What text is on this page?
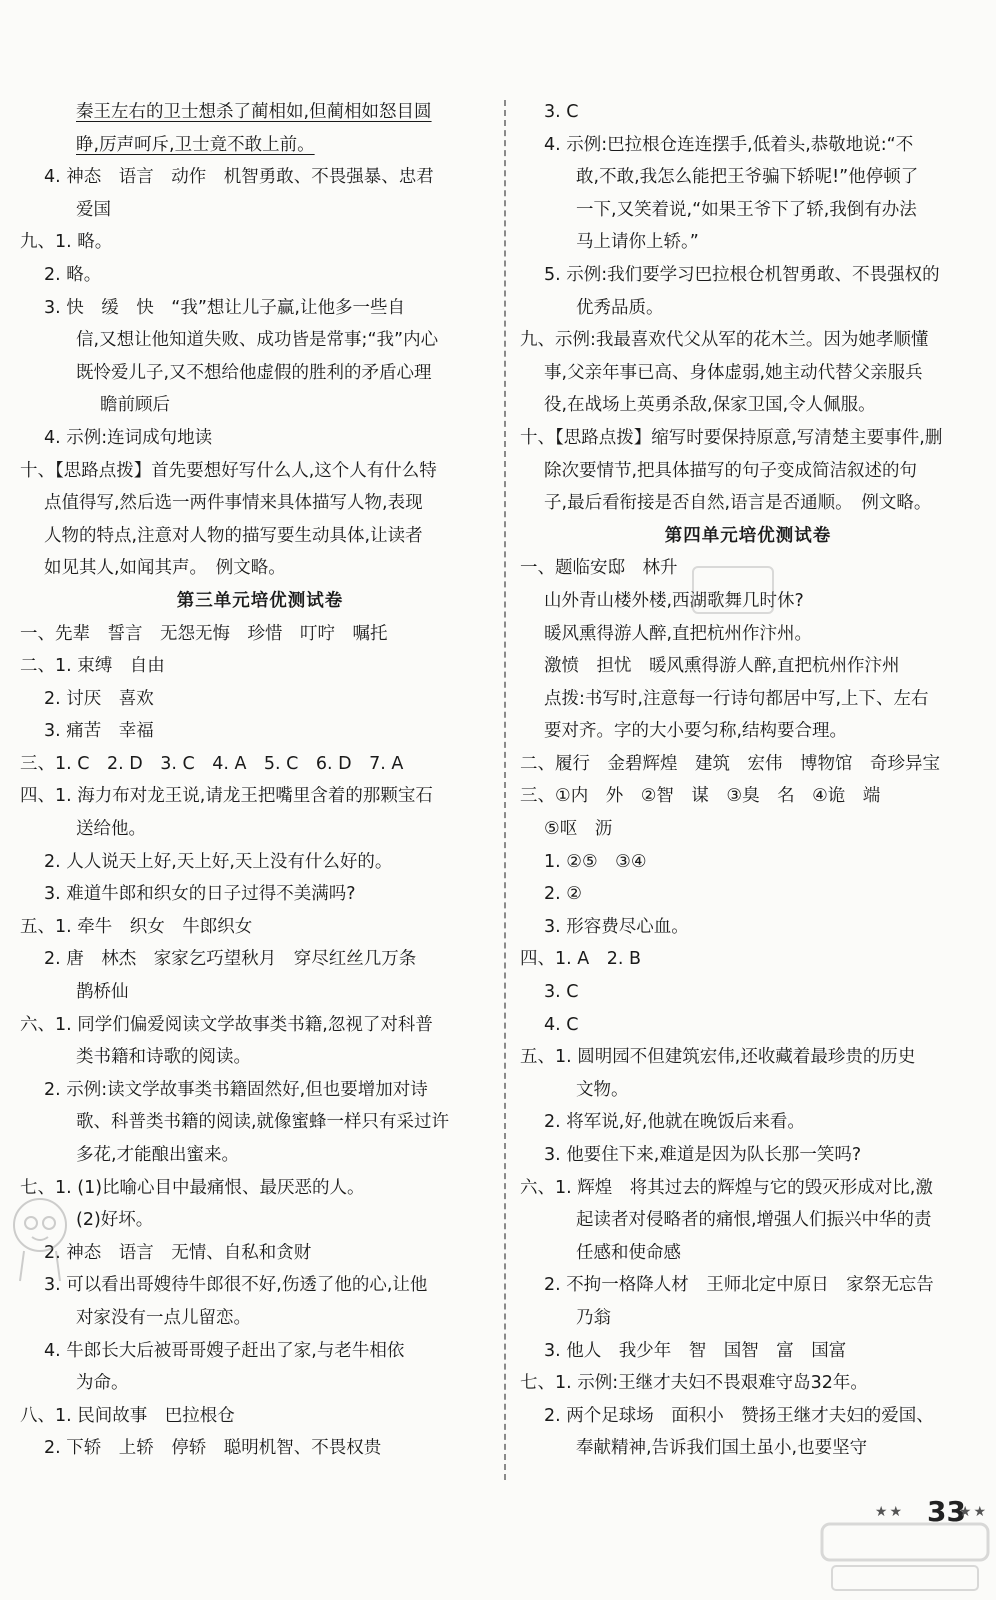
秦王左右的卫士想杀了蔺相如,但蔺相如怒目圆
睁,厉声呵斥,卫士竟不敢上前。
4. 神态　语言　动作　机智勇敢、不畏强暴、忠君
爱国
九、1. 略。
2. 略。
3. 快　缓　快　“我”想让儿子赢,让他多一些自
信,又想让他知道失败、成功皆是常事;“我”内心
既怜爱儿子,又不想给他虚假的胜利的矛盾心理
瞻前顾后
4. 示例:连词成句地读
十、【思路点拨】首先要想好写什么人,这个人有什么特
点值得写,然后选一两件事情来具体描写人物,表现
人物的特点,注意对人物的描写要生动具体,让读者
如见其人,如闻其声。　例文略。
第三单元培优测试卷
一、先辈　誓言　无怨无悔　珍惜　叮咛　嘱托
二、1. 束缚　自由
2. 讨厌　喜欢
3. 痛苦　幸福
三、1. C　2. D　3. C　4. A　5. C　6. D　7. A
四、1. 海力布对龙王说,请龙王把嘴里含着的那颗宝石
送给他。
2. 人人说天上好,天上好,天上没有什么好的。
3. 难道牛郎和织女的日子过得不美满吗?
五、1. 牵牛　织女　牛郎织女
2. 唐　林杰　家家乞巧望秋月　穿尽红丝几万条
鹊桥仙
六、1. 同学们偏爱阅读文学故事类书籍,忽视了对科普
类书籍和诗歌的阅读。
2. 示例:读文学故事类书籍固然好,但也要增加对诗
歌、科普类书籍的阅读,就像蜜蜂一样只有采过许
多花,才能酿出蜜来。
七、1. (1)比喻心目中最痛恨、最厌恶的人。
(2)好坏。
2. 神态　语言　无情、自私和贪财
3. 可以看出哥嫂待牛郎很不好,伤透了他的心,让他
对家没有一点儿留恋。
4. 牛郎长大后被哥哥嫂子赶出了家,与老牛相依
为命。
八、1. 民间故事　巴拉根仓
2. 下轿　上轿　停轿　聪明机智、不畏权贵
3. C
4. 示例:巴拉根仓连连摆手,低着头,恭敬地说:“不
敢,不敢,我怎么能把王爷骗下轿呢!”他停顿了
一下,又笑着说,“如果王爷下了轿,我倒有办法
马上请你上轿。”
5. 示例:我们要学习巴拉根仓机智勇敢、不畏强权的
优秀品质。
九、示例:我最喜欢代父从军的花木兰。因为她孝顺懂
事,父亲年事已高、身体虚弱,她主动代替父亲服兵
役,在战场上英勇杀敌,保家卫国,令人佩服。
十、【思路点拨】缩写时要保持原意,写清楚主要事件,删
除次要情节,把具体描写的句子变成简洁叙述的句
子,最后看衔接是否自然,语言是否通顺。　例文略。
第四单元培优测试卷
一、题临安邸　林升
山外青山楼外楼,西湖歌舞几时休?
暖风熏得游人醉,直把杭州作汴州。
激愤　担忧　暖风熏得游人醉,直把杭州作汴州
点拨:书写时,注意每一行诗句都居中写,上下、左右
要对齐。字的大小要匀称,结构要合理。
二、履行　金碧辉煌　建筑　宏伟　博物馆　奇珍异宝
三、①内　外　②智　谋　③臭　名　④诡　端
⑤呕　沥
1. ②⑤　③④
2. ②
3. 形容费尽心血。
四、1. A　2. B
3. C
4. C
五、1. 圆明园不但建筑宏伟,还收藏着最珍贵的历史
文物。
2. 将军说,好,他就在晚饭后来看。
3. 他要住下来,难道是因为队长那一笑吗?
六、1. 辉煌　将其过去的辉煌与它的毁灭形成对比,激
起读者对侵略者的痛恨,增强人们振兴中华的责
任感和使命感
2. 不拘一格降人材　王师北定中原日　家祭无忘告
乃翁
3. 他人　我少年　智　国智　富　国富
七、1. 示例:王继才夫妇不畏艰难守岛32年。
2. 两个足球场　面积小　赞扬王继才夫妇的爱国、
奉献精神,告诉我们国土虽小,也要坚守
★★ 33
★★
